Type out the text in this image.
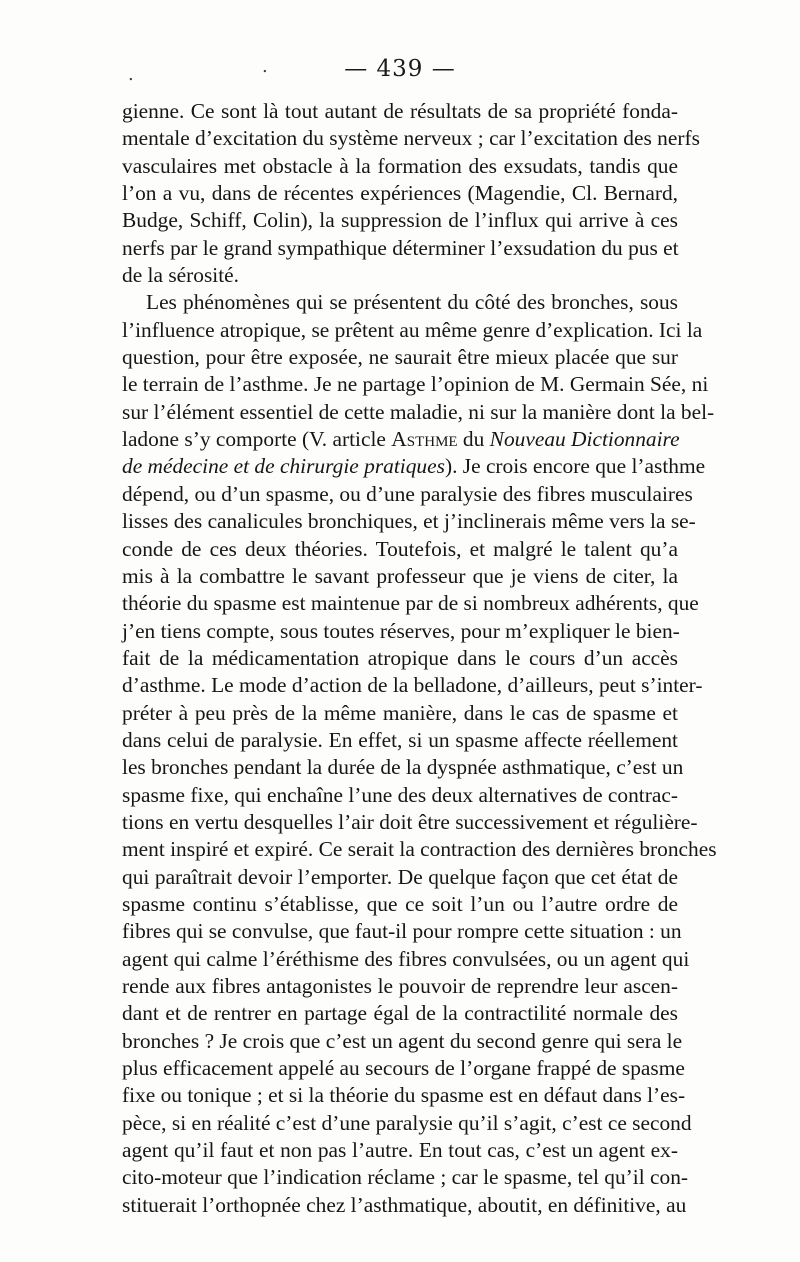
.	.	— 439 —
gienne. Ce sont là tout autant de résultats de sa propriété fonda-
mentale d’excitation du système nerveux ; car l’excitation des nerfs
vasculaires met obstacle à la formation des exsudats, tandis que
l’on a vu, dans de récentes expériences (Magendie, Cl. Bernard,
Budge, Schiff, Colin), la suppression de l’influx qui arrive à ces
nerfs par le grand sympathique déterminer l’exsudation du pus et
de la sérosité.
Les phénomènes qui se présentent du côté des bronches, sous
l’influence atropique, se prêtent au même genre d’explication. Ici la
question, pour être exposée, ne saurait être mieux placée que sur
le terrain de l’asthme. Je ne partage l’opinion de M. Germain Sée, ni
sur l’élément essentiel de cette maladie, ni sur la manière dont la bel-
ladone s’y comporte (V. article Asthme du Nouveau Dictionnaire
de médecine et de chirurgie pratiques). Je crois encore que l’asthme
dépend, ou d’un spasme, ou d’une paralysie des fibres musculaires
lisses des canalicules bronchiques, et j’inclinerais même vers la se-
conde de ces deux théories. Toutefois, et malgré le talent qu’a
mis à la combattre le savant professeur que je viens de citer, la
théorie du spasme est maintenue par de si nombreux adhérents, que
j’en tiens compte, sous toutes réserves, pour m’expliquer le bien-
fait de la médicamentation atropique dans le cours d’un accès
d’asthme. Le mode d’action de la belladone, d’ailleurs, peut s’inter-
préter à peu près de la même manière, dans le cas de spasme et
dans celui de paralysie. En effet, si un spasme affecte réellement
les bronches pendant la durée de la dyspnée asthmatique, c’est un
spasme fixe, qui enchaîne l’une des deux alternatives de contrac-
tions en vertu desquelles l’air doit être successivement et régulière-
ment inspiré et expiré. Ce serait la contraction des dernières bronches
qui paraîtrait devoir l’emporter. De quelque façon que cet état de
spasme continu s’établisse, que ce soit l’un ou l’autre ordre de
fibres qui se convulse, que faut-il pour rompre cette situation : un
agent qui calme l’éréthisme des fibres convulsées, ou un agent qui
rende aux fibres antagonistes le pouvoir de reprendre leur ascen-
dant et de rentrer en partage égal de la contractilité normale des
bronches ? Je crois que c’est un agent du second genre qui sera le
plus efficacement appelé au secours de l’organe frappé de spasme
fixe ou tonique ; et si la théorie du spasme est en défaut dans l’es-
pèce, si en réalité c’est d’une paralysie qu’il s’agit, c’est ce second
agent qu’il faut et non pas l’autre. En tout cas, c’est un agent ex-
cito-moteur que l’indication réclame ; car le spasme, tel qu’il con-
stituerait l’orthopnée chez l’asthmatique, aboutit, en définitive, au
